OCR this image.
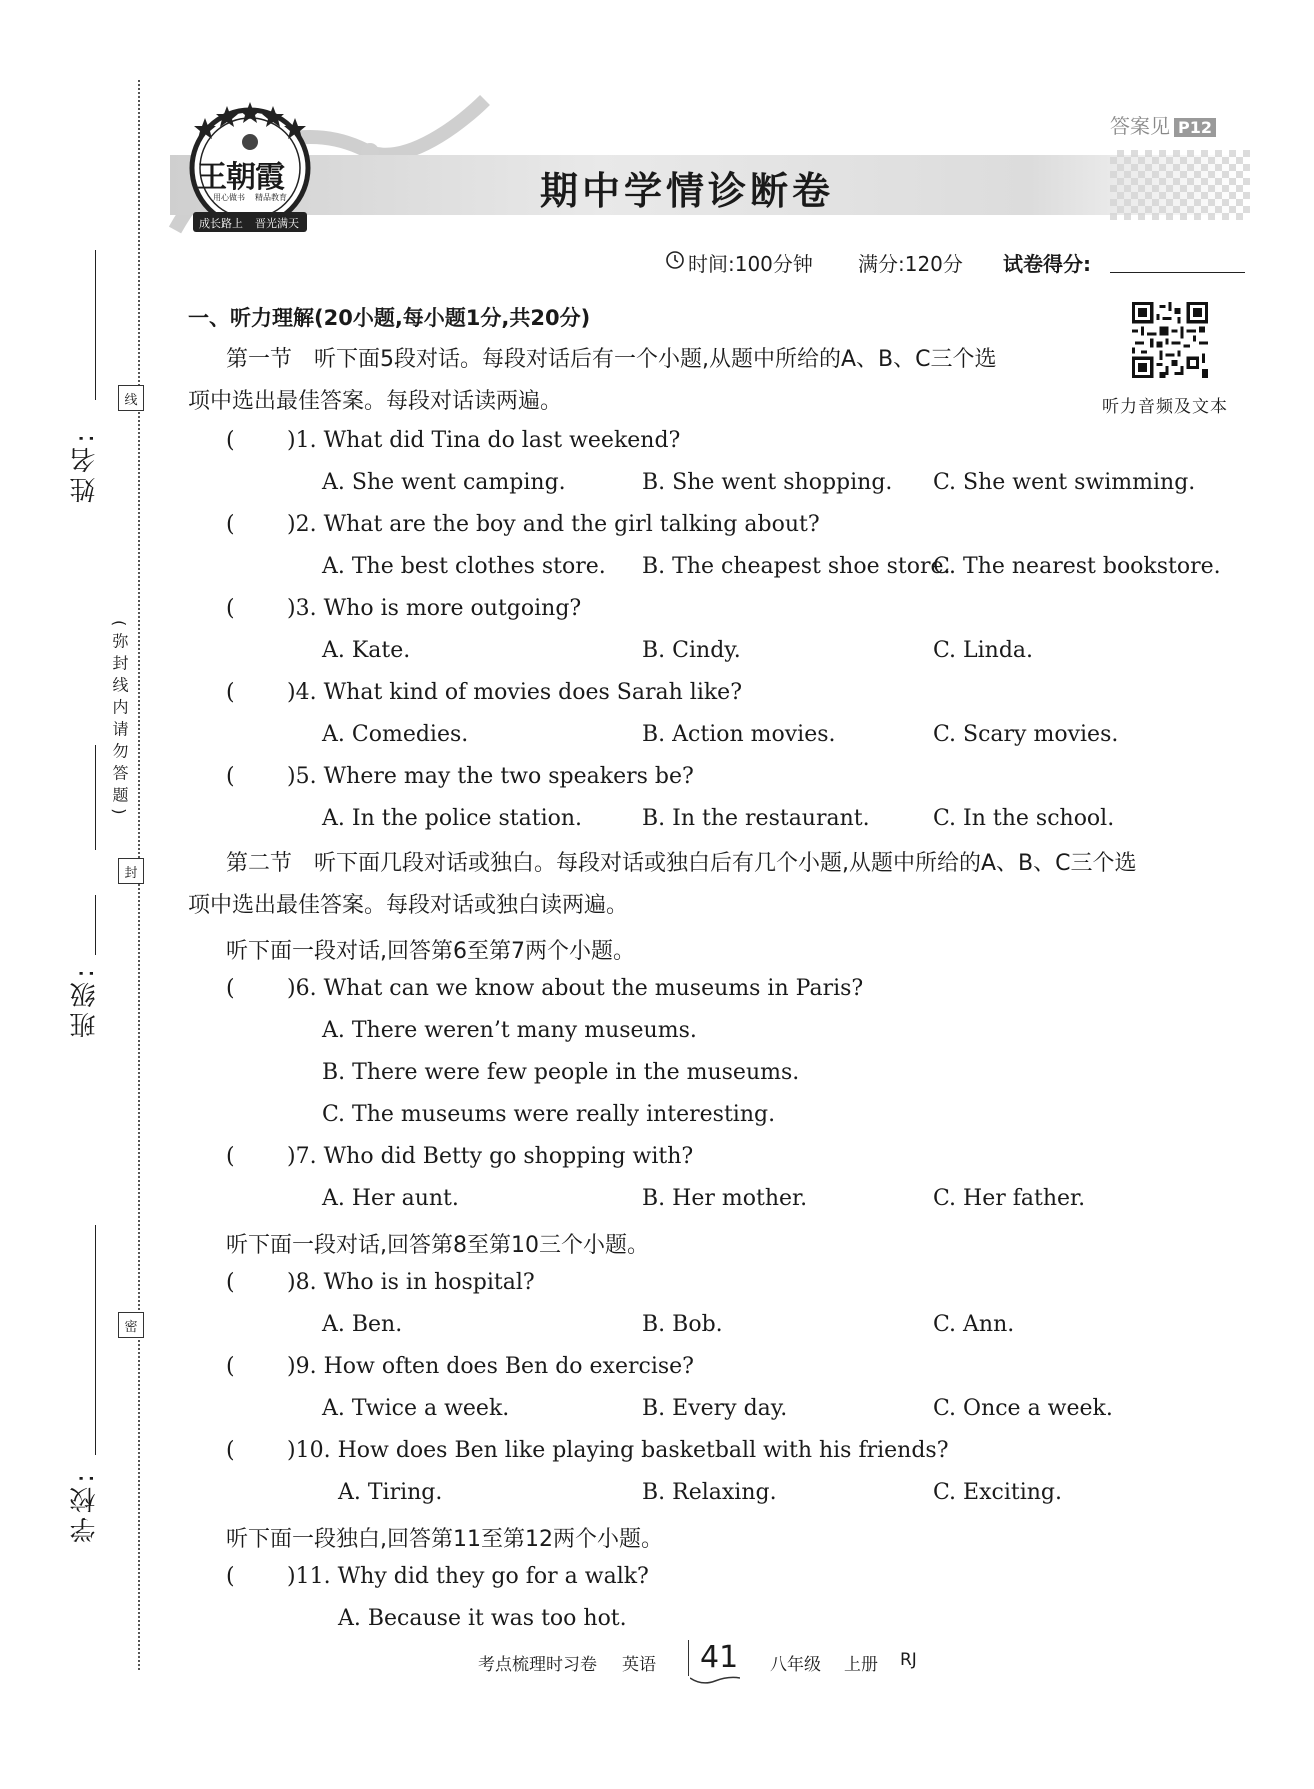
姓名:
线
(弥封线内请勿答题)
封
班级:
密
学校:
王朝霞
用心做书 精品教育
成长路上 晋光满天
答案见 P12
期中学情诊断卷
时间:100分钟 满分:120分 试卷得分:
一、听力理解(20小题,每小题1分,共20分)
第一节　听下面5段对话。每段对话后有一个小题,从题中所给的A、B、C三个选
项中选出最佳答案。每段对话读两遍。	听力音频及文本
( )1. What did Tina do last weekend?
A. She went camping.	B. She went shopping. C. She went swimming.
( )2. What are the boy and the girl talking about?
A. The best clothes store. B. The cheapest shoe store.
C. The nearest bookstore.
( )3. Who is more outgoing?
A. Kate.	B. Cindy.	C. Linda.
( )4. What kind of movies does Sarah like?
A. Comedies.	B. Action movies.	C. Scary movies.
( )5. Where may the two speakers be?
A. In the police station.	B. In the restaurant.	C. In the school.
第二节　听下面几段对话或独白。每段对话或独白后有几个小题,从题中所给的A、B、C三个选
项中选出最佳答案。每段对话或独白读两遍。
听下面一段对话,回答第6至第7两个小题。
( )6. What can we know about the museums in Paris?
A. There weren’t many museums.
B. There were few people in the museums.
C. The museums were really interesting.
( )7. Who did Betty go shopping with?
A. Her aunt.	B. Her mother.	C. Her father.
听下面一段对话,回答第8至第10三个小题。
( )8. Who is in hospital?
A. Ben.	B. Bob.	C. Ann.
( )9. How often does Ben do exercise?
A. Twice a week.	B. Every day.	C. Once a week.
( )10. How does Ben like playing basketball with his friends?
A. Tiring.	B. Relaxing.	C. Exciting.
听下面一段独白,回答第11至第12两个小题。
( )11. Why did they go for a walk?
A. Because it was too hot.
考点梳理时习卷 英语 41 八年级 上册 RJ
